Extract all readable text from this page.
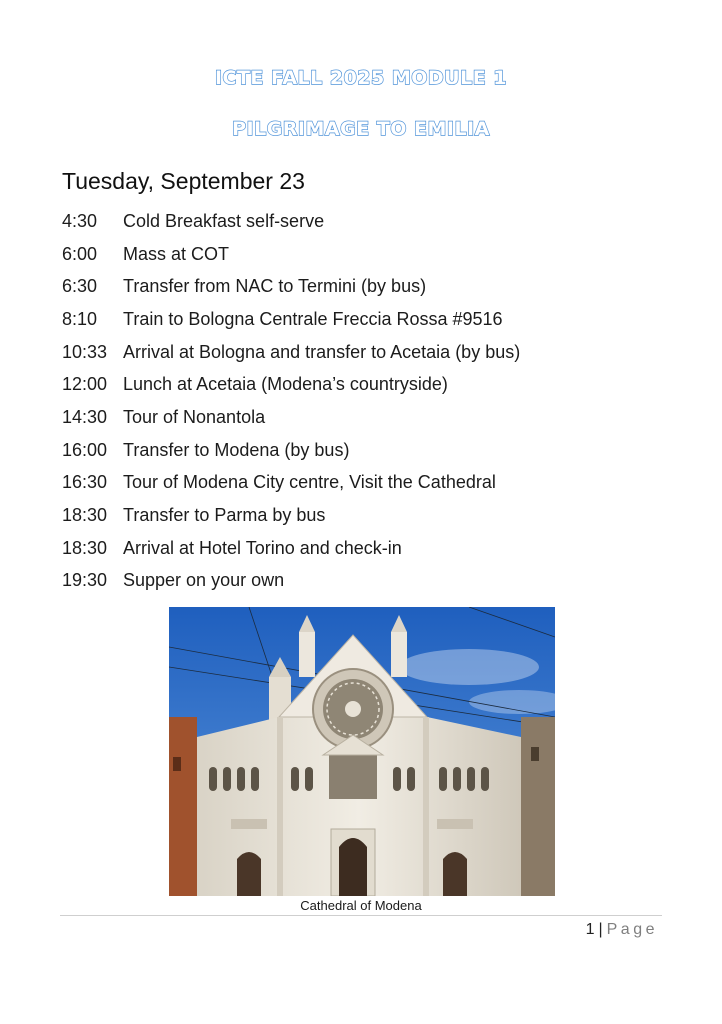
ICTE FALL 2025 MODULE 1
PILGRIMAGE TO EMILIA
Tuesday, September 23
4:30	Cold Breakfast self-serve
6:00	Mass at COT
6:30	Transfer from NAC to Termini (by bus)
8:10	Train to Bologna Centrale Freccia Rossa #9516
10:33 Arrival at Bologna and transfer to Acetaia (by bus)
12:00 Lunch at Acetaia (Modena’s countryside)
14:30 Tour of Nonantola
16:00 Transfer to Modena (by bus)
16:30 Tour of Modena City centre, Visit the Cathedral
18:30 Transfer to Parma by bus
18:30 Arrival at Hotel Torino and check-in
19:30 Supper on your own
Cathedral of Modena
1 | Page
